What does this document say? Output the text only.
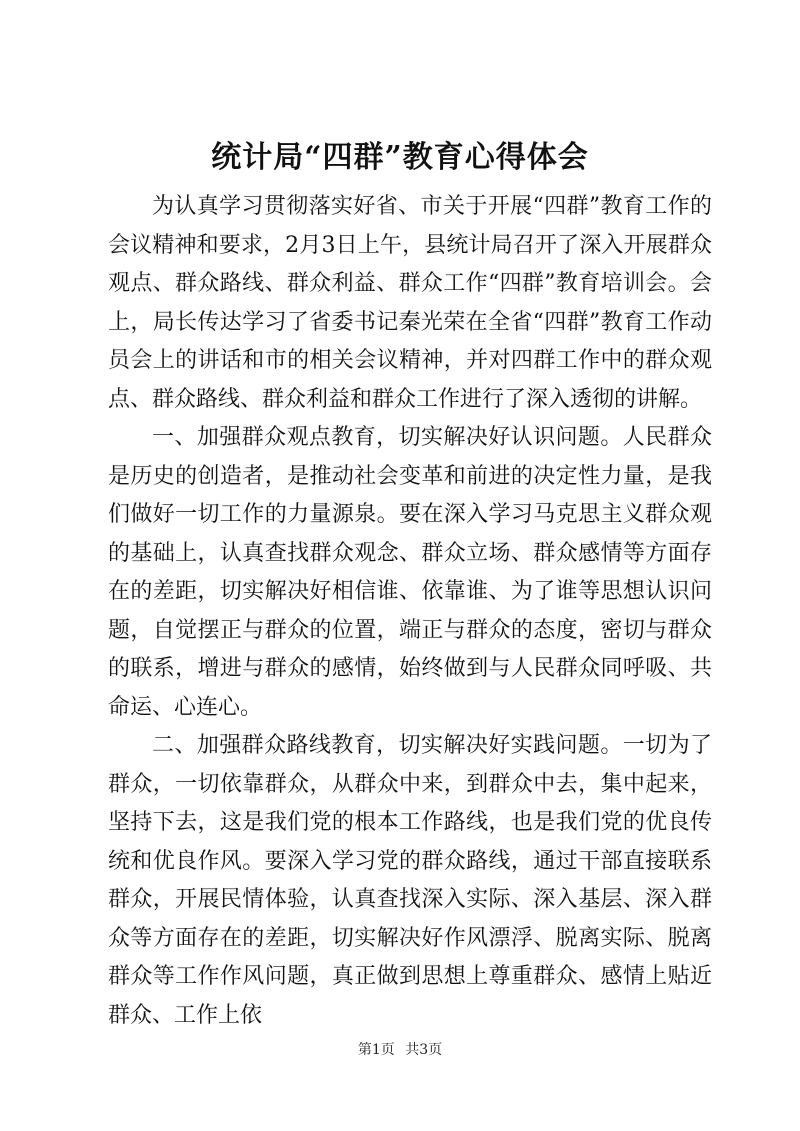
统计局“四群”教育心得体会

为认真学习贯彻落实好省、市关于开展“四群”教育工作的会议精神和要求，2月3日上午，县统计局召开了深入开展群众观点、群众路线、群众利益、群众工作“四群”教育培训会。会上，局长传达学习了省委书记秦光荣在全省“四群”教育工作动员会上的讲话和市的相关会议精神，并对四群工作中的群众观点、群众路线、群众利益和群众工作进行了深入透彻的讲解。

一、加强群众观点教育，切实解决好认识问题。人民群众是历史的创造者，是推动社会变革和前进的决定性力量，是我们做好一切工作的力量源泉。要在深入学习马克思主义群众观的基础上，认真查找群众观念、群众立场、群众感情等方面存在的差距，切实解决好相信谁、依靠谁、为了谁等思想认识问题，自觉摆正与群众的位置，端正与群众的态度，密切与群众的联系，增进与群众的感情，始终做到与人民群众同呼吸、共命运、心连心。

二、加强群众路线教育，切实解决好实践问题。一切为了群众，一切依靠群众，从群众中来，到群众中去，集中起来，坚持下去，这是我们党的根本工作路线，也是我们党的优良传统和优良作风。要深入学习党的群众路线，通过干部直接联系群众，开展民情体验，认真查找深入实际、深入基层、深入群众等方面存在的差距，切实解决好作风漂浮、脱离实际、脱离群众等工作作风问题，真正做到思想上尊重群众、感情上贴近群众、工作上依

第1页 共3页
